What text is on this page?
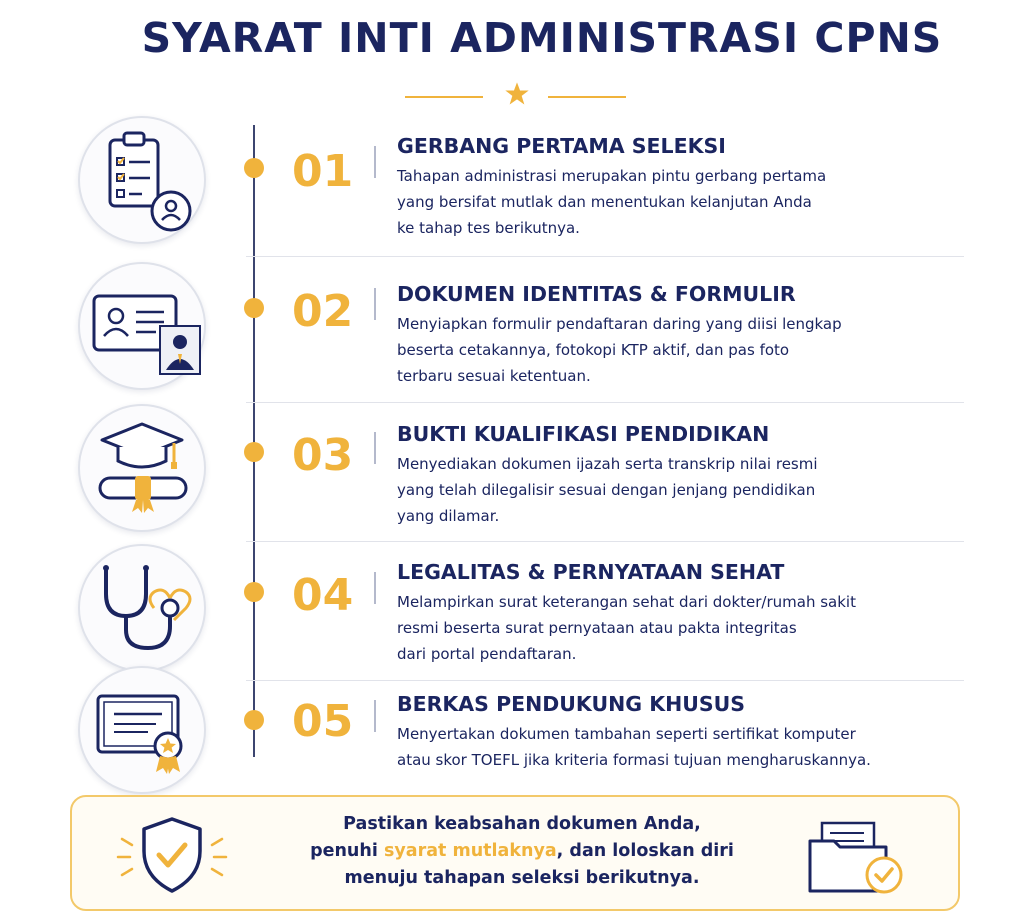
SYARAT INTI ADMINISTRASI CPNS
01	GERBANG PERTAMA SELEKSI
Tahapan administrasi merupakan pintu gerbang pertama
yang bersifat mutlak dan menentukan kelanjutan Anda
ke tahap tes berikutnya.
02	DOKUMEN IDENTITAS & FORMULIR
Menyiapkan formulir pendaftaran daring yang diisi lengkap
beserta cetakannya, fotokopi KTP aktif, dan pas foto
terbaru sesuai ketentuan.
03	BUKTI KUALIFIKASI PENDIDIKAN
Menyediakan dokumen ijazah serta transkrip nilai resmi
yang telah dilegalisir sesuai dengan jenjang pendidikan
yang dilamar.
04	LEGALITAS & PERNYATAAN SEHAT
Melampirkan surat keterangan sehat dari dokter/rumah sakit
resmi beserta surat pernyataan atau pakta integritas
dari portal pendaftaran.
05	BERKAS PENDUKUNG KHUSUS
Menyertakan dokumen tambahan seperti sertifikat komputer
atau skor TOEFL jika kriteria formasi tujuan mengharuskannya.
Pastikan keabsahan dokumen Anda,
penuhi syarat mutlaknya, dan loloskan diri
menuju tahapan seleksi berikutnya.
